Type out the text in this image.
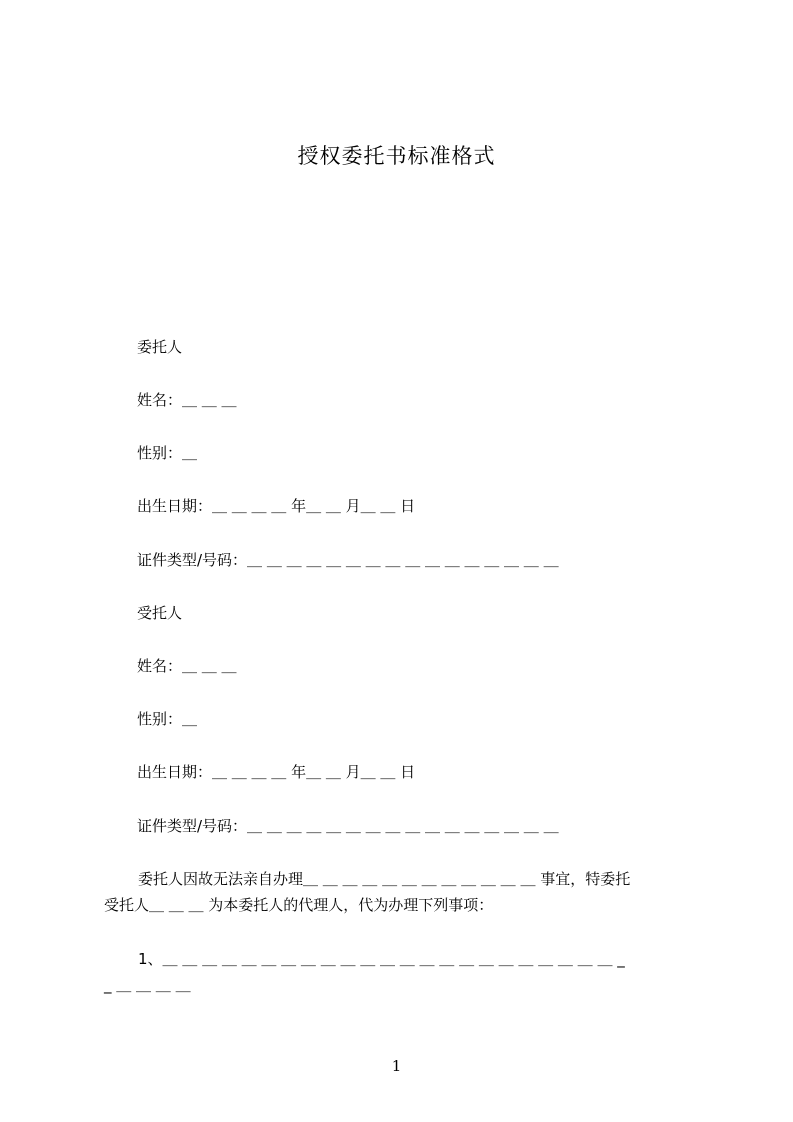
授权委托书标准格式
委托人
姓名：＿ ＿ ＿
性别：＿
出生日期：＿ ＿ ＿ ＿ 年＿ ＿ 月＿ ＿ 日
证件类型/号码：＿ ＿ ＿ ＿ ＿ ＿ ＿ ＿ ＿ ＿ ＿ ＿ ＿ ＿ ＿ ＿
受托人
姓名：＿ ＿ ＿
性别：＿
出生日期：＿ ＿ ＿ ＿ 年＿ ＿ 月＿ ＿ 日
证件类型/号码：＿ ＿ ＿ ＿ ＿ ＿ ＿ ＿ ＿ ＿ ＿ ＿ ＿ ＿ ＿ ＿
委托人因故无法亲自办理＿ ＿ ＿ ＿ ＿ ＿ ＿ ＿ ＿ ＿ ＿ ＿ 事宜，特委托
受托人＿ ＿ ＿ 为本委托人的代理人，代为办理下列事项：
1、＿ ＿ ＿ ＿ ＿ ＿ ＿ ＿ ＿ ＿ ＿ ＿ ＿ ＿ ＿ ＿ ＿ ＿ ＿ ＿ ＿ ＿ ＿ _
_ ＿ ＿ ＿ ＿
1
